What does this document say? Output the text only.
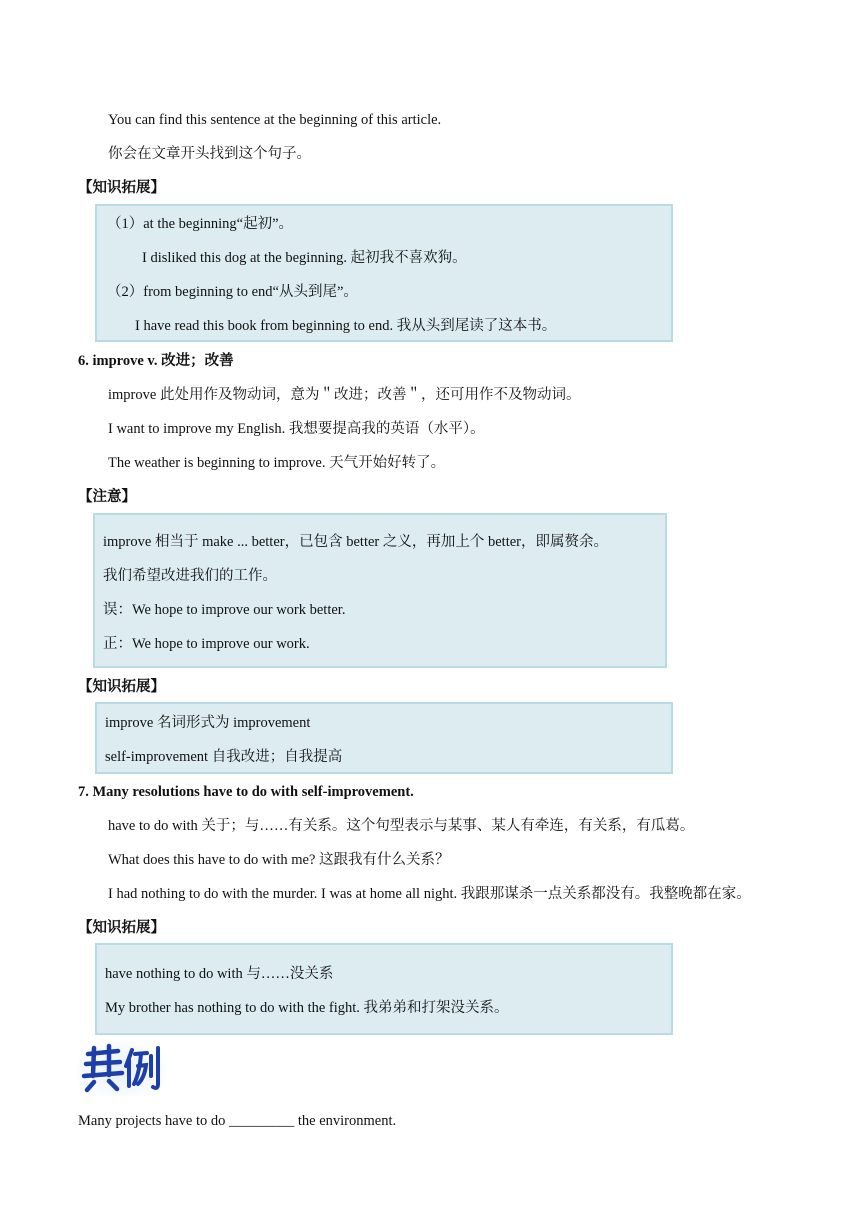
You can find this sentence at the beginning of this article.
你会在文章开头找到这个句子。
【知识拓展】
（1）at the beginning“起初”。
I disliked this dog at the beginning. 起初我不喜欢狗。
（2）from beginning to end“从头到尾”。
I have read this book from beginning to end. 我从头到尾读了这本书。
6. improve v. 改进；改善
improve 此处用作及物动词，意为＂改进；改善＂，还可用作不及物动词。
I want to improve my English. 我想要提高我的英语（水平）。
The weather is beginning to improve. 天气开始好转了。
【注意】
improve 相当于 make ... better，已包含 better 之义，再加上个 better，即属赘余。
我们希望改进我们的工作。
误：We hope to improve our work better.
正：We hope to improve our work.
【知识拓展】
improve 名词形式为 improvement
self-improvement 自我改进；自我提高
7. Many resolutions have to do with self-improvement.
have to do with 关于；与……有关系。这个句型表示与某事、某人有牵连，有关系，有瓜葛。
What does this have to do with me? 这跟我有什么关系？
I had nothing to do with the murder. I was at home all night. 我跟那谋杀一点关系都没有。我整晚都在家。
【知识拓展】
have nothing to do with 与……没关系
My brother has nothing to do with the fight. 我弟弟和打架没关系。
Many projects have to do _________ the environment.
